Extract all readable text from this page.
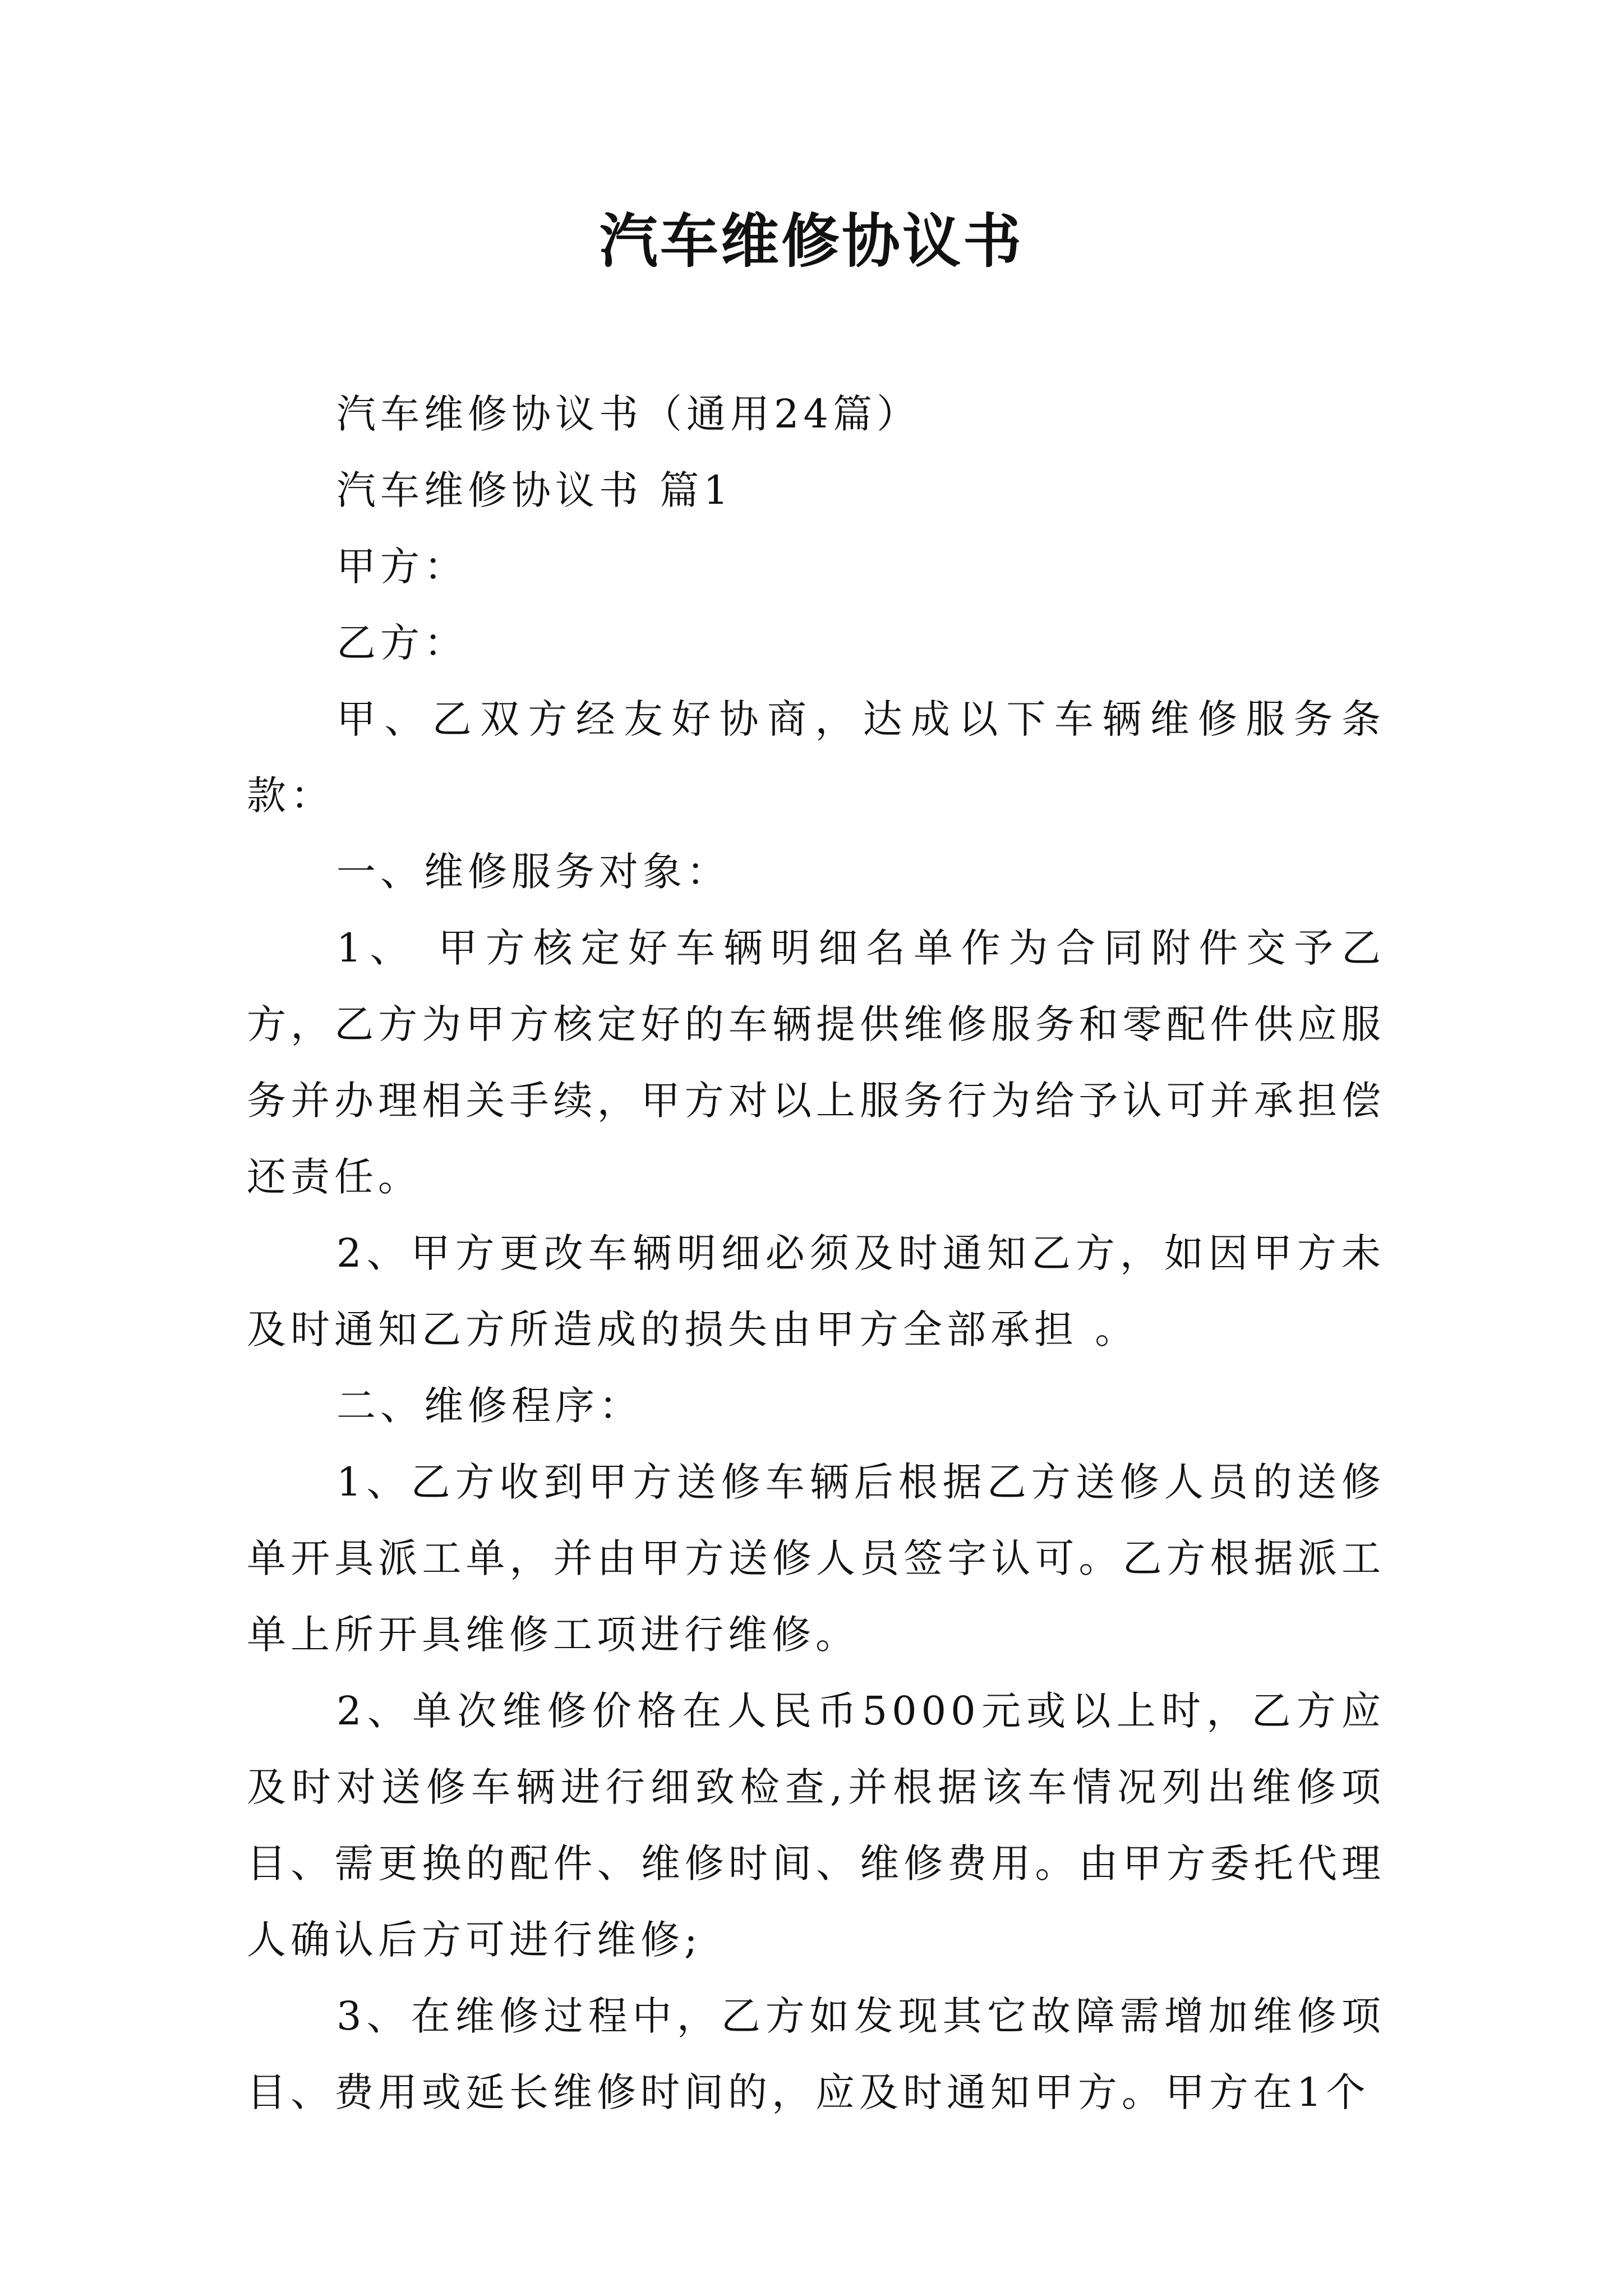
汽车维修协议书

汽车维修协议书（通用24篇）

汽车维修协议书 篇1

甲方：

乙方：

甲、乙双方经友好协商，达成以下车辆维修服务条款：

一、维修服务对象：

1、 甲方核定好车辆明细名单作为合同附件交予乙方，乙方为甲方核定好的车辆提供维修服务和零配件供应服务并办理相关手续，甲方对以上服务行为给予认可并承担偿还责任。

2、甲方更改车辆明细必须及时通知乙方，如因甲方未及时通知乙方所造成的损失由甲方全部承担 。

二、维修程序：

1、乙方收到甲方送修车辆后根据乙方送修人员的送修单开具派工单，并由甲方送修人员签字认可。乙方根据派工单上所开具维修工项进行维修。

2、单次维修价格在人民币5000元或以上时，乙方应及时对送修车辆进行细致检查,并根据该车情况列出维修项目、需更换的配件、维修时间、维修费用。由甲方委托代理人确认后方可进行维修;

3、在维修过程中，乙方如发现其它故障需增加维修项目、费用或延长维修时间的，应及时通知甲方。甲方在1个
